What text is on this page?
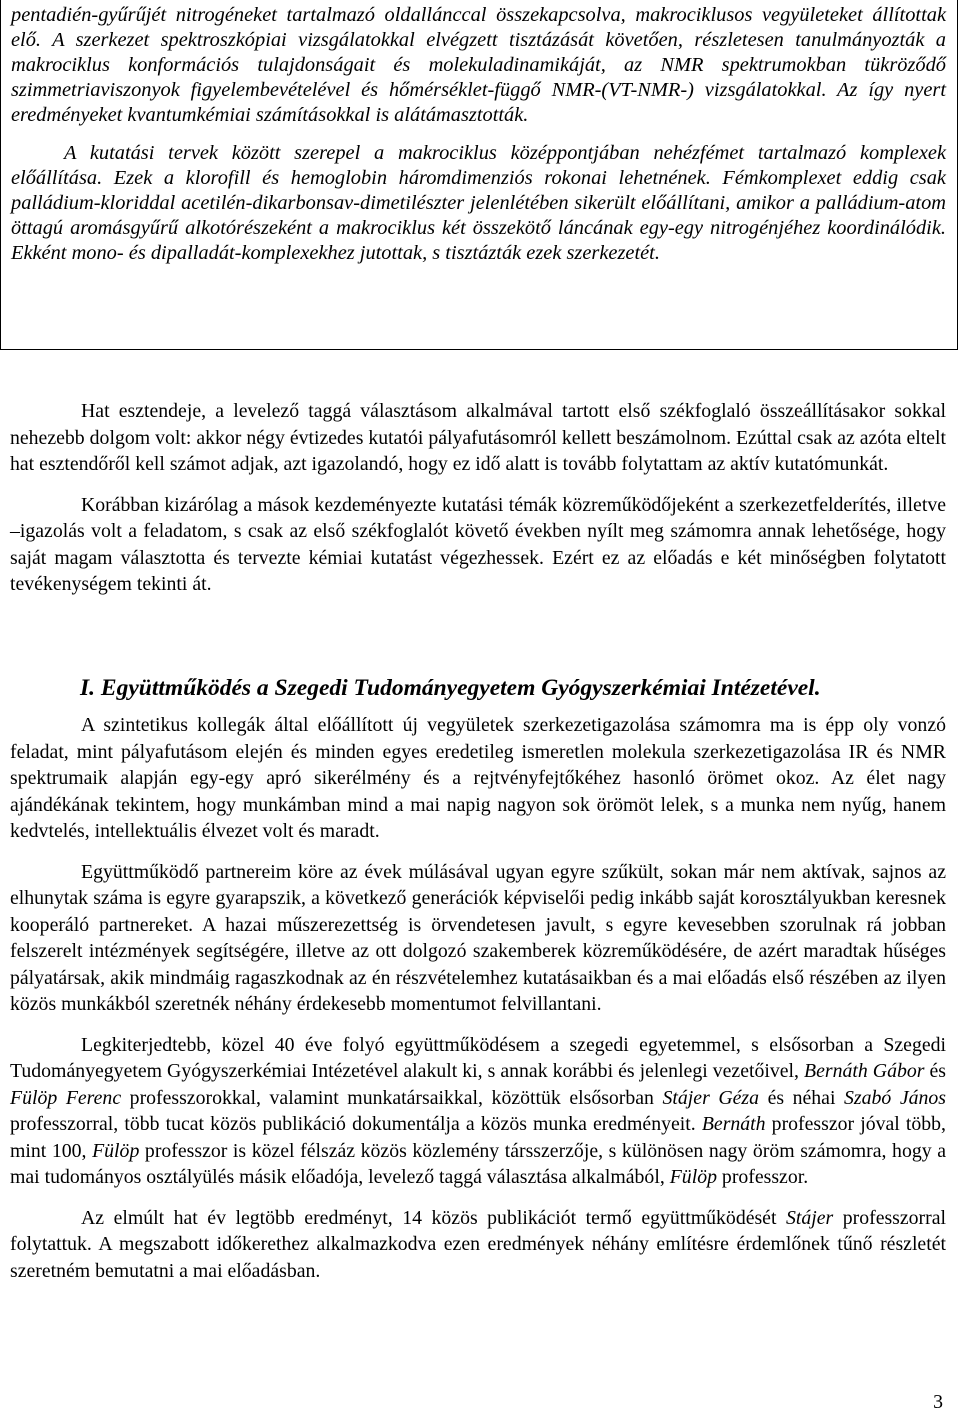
pentadién-gyűrűjét nitrogéneket tartalmazó oldallánccal összekapcsolva, makrociklusos vegyületeket állítottak elő. A szerkezet spektroszkópiai vizsgálatokkal elvégzett tisztázását követően, részletesen tanulmányozták a makrociklus konformációs tulajdonságait és molekuladinamikáját, az NMR spektrumokban tükröződő szimmetriaviszonyok figyelembevételével és hőmérséklet-függő NMR-(VT-NMR-) vizsgálatokkal. Az így nyert eredményeket kvantumkémiai számításokkal is alátámasztották.

A kutatási tervek között szerepel a makrociklus középpontjában nehézfémet tartalmazó komplexek előállítása. Ezek a klorofill és hemoglobin háromdimenziós rokonai lehetnének. Fémkomplexet eddig csak palládium-kloriddal acetilén-dikarbonsav-dimetilészter jelenlétében sikerült előállítani, amikor a palládium-atom öttagú aromásgyűrű alkotórészeként a makrociklus két összekötő láncának egy-egy nitrogénjéhez koordinálódik. Ekként mono- és dipalladát-komplexekhez jutottak, s tisztázták ezek szerkezetét.

Hat esztendeje, a levelező taggá választásom alkalmával tartott első székfoglaló összeállításakor sokkal nehezebb dolgom volt: akkor négy évtizedes kutatói pályafutásomról kellett beszámolnom. Ezúttal csak az azóta eltelt hat esztendőről kell számot adjak, azt igazolandó, hogy ez idő alatt is tovább folytattam az aktív kutatómunkát.

Korábban kizárólag a mások kezdeményezte kutatási témák közreműködőjeként a szerkezetfelderítés, illetve –igazolás volt a feladatom, s csak az első székfoglalót követő években nyílt meg számomra annak lehetősége, hogy saját magam választotta és tervezte kémiai kutatást végezhessek. Ezért ez az előadás e két minőségben folytatott tevékenységem tekinti át.

I. Együttműködés a Szegedi Tudományegyetem Gyógyszerkémiai Intézetével.

A szintetikus kollegák által előállított új vegyületek szerkezetigazolása számomra ma is épp oly vonzó feladat, mint pályafutásom elején és minden egyes eredetileg ismeretlen molekula szerkezetigazolása IR és NMR spektrumaik alapján egy-egy apró sikerélmény és a rejtvényfejtőkéhez hasonló örömet okoz. Az élet nagy ajándékának tekintem, hogy munkámban mind a mai napig nagyon sok örömöt lelek, s a munka nem nyűg, hanem kedvtelés, intellektuális élvezet volt és maradt.

Együttműködő partnereim köre az évek múlásával ugyan egyre szűkült, sokan már nem aktívak, sajnos az elhunytak száma is egyre gyarapszik, a következő generációk képviselői pedig inkább saját korosztályukban keresnek kooperáló partnereket. A hazai műszerezettség is örvendetesen javult, s egyre kevesebben szorulnak rá jobban felszerelt intézmények segítségére, illetve az ott dolgozó szakemberek közreműködésére, de azért maradtak hűséges pályatársak, akik mindmáig ragaszkodnak az én részvételemhez kutatásaikban és a mai előadás első részében az ilyen közös munkákból szeretnék néhány érdekesebb momentumot felvillantani.

Legkiterjedtebb, közel 40 éve folyó együttműködésem a szegedi egyetemmel, s elsősorban a Szegedi Tudományegyetem Gyógyszerkémiai Intézetével alakult ki, s annak korábbi és jelenlegi vezetőivel, Bernáth Gábor és Fülöp Ferenc professzorokkal, valamint munkatársaikkal, közöttük elsősorban Stájer Géza és néhai Szabó János professzorral, több tucat közös publikáció dokumentálja a közös munka eredményeit. Bernáth professzor jóval több, mint 100, Fülöp professzor is közel félszáz közös közlemény társszerzője, s különösen nagy öröm számomra, hogy a mai tudományos osztályülés másik előadója, levelező taggá választása alkalmából, Fülöp professzor.

Az elmúlt hat év legtöbb eredményt, 14 közös publikációt termő együttműködését Stájer professzorral folytattuk. A megszabott időkerethez alkalmazkodva ezen eredmények néhány említésre érdemlőnek tűnő részletét szeretném bemutatni a mai előadásban.

3
